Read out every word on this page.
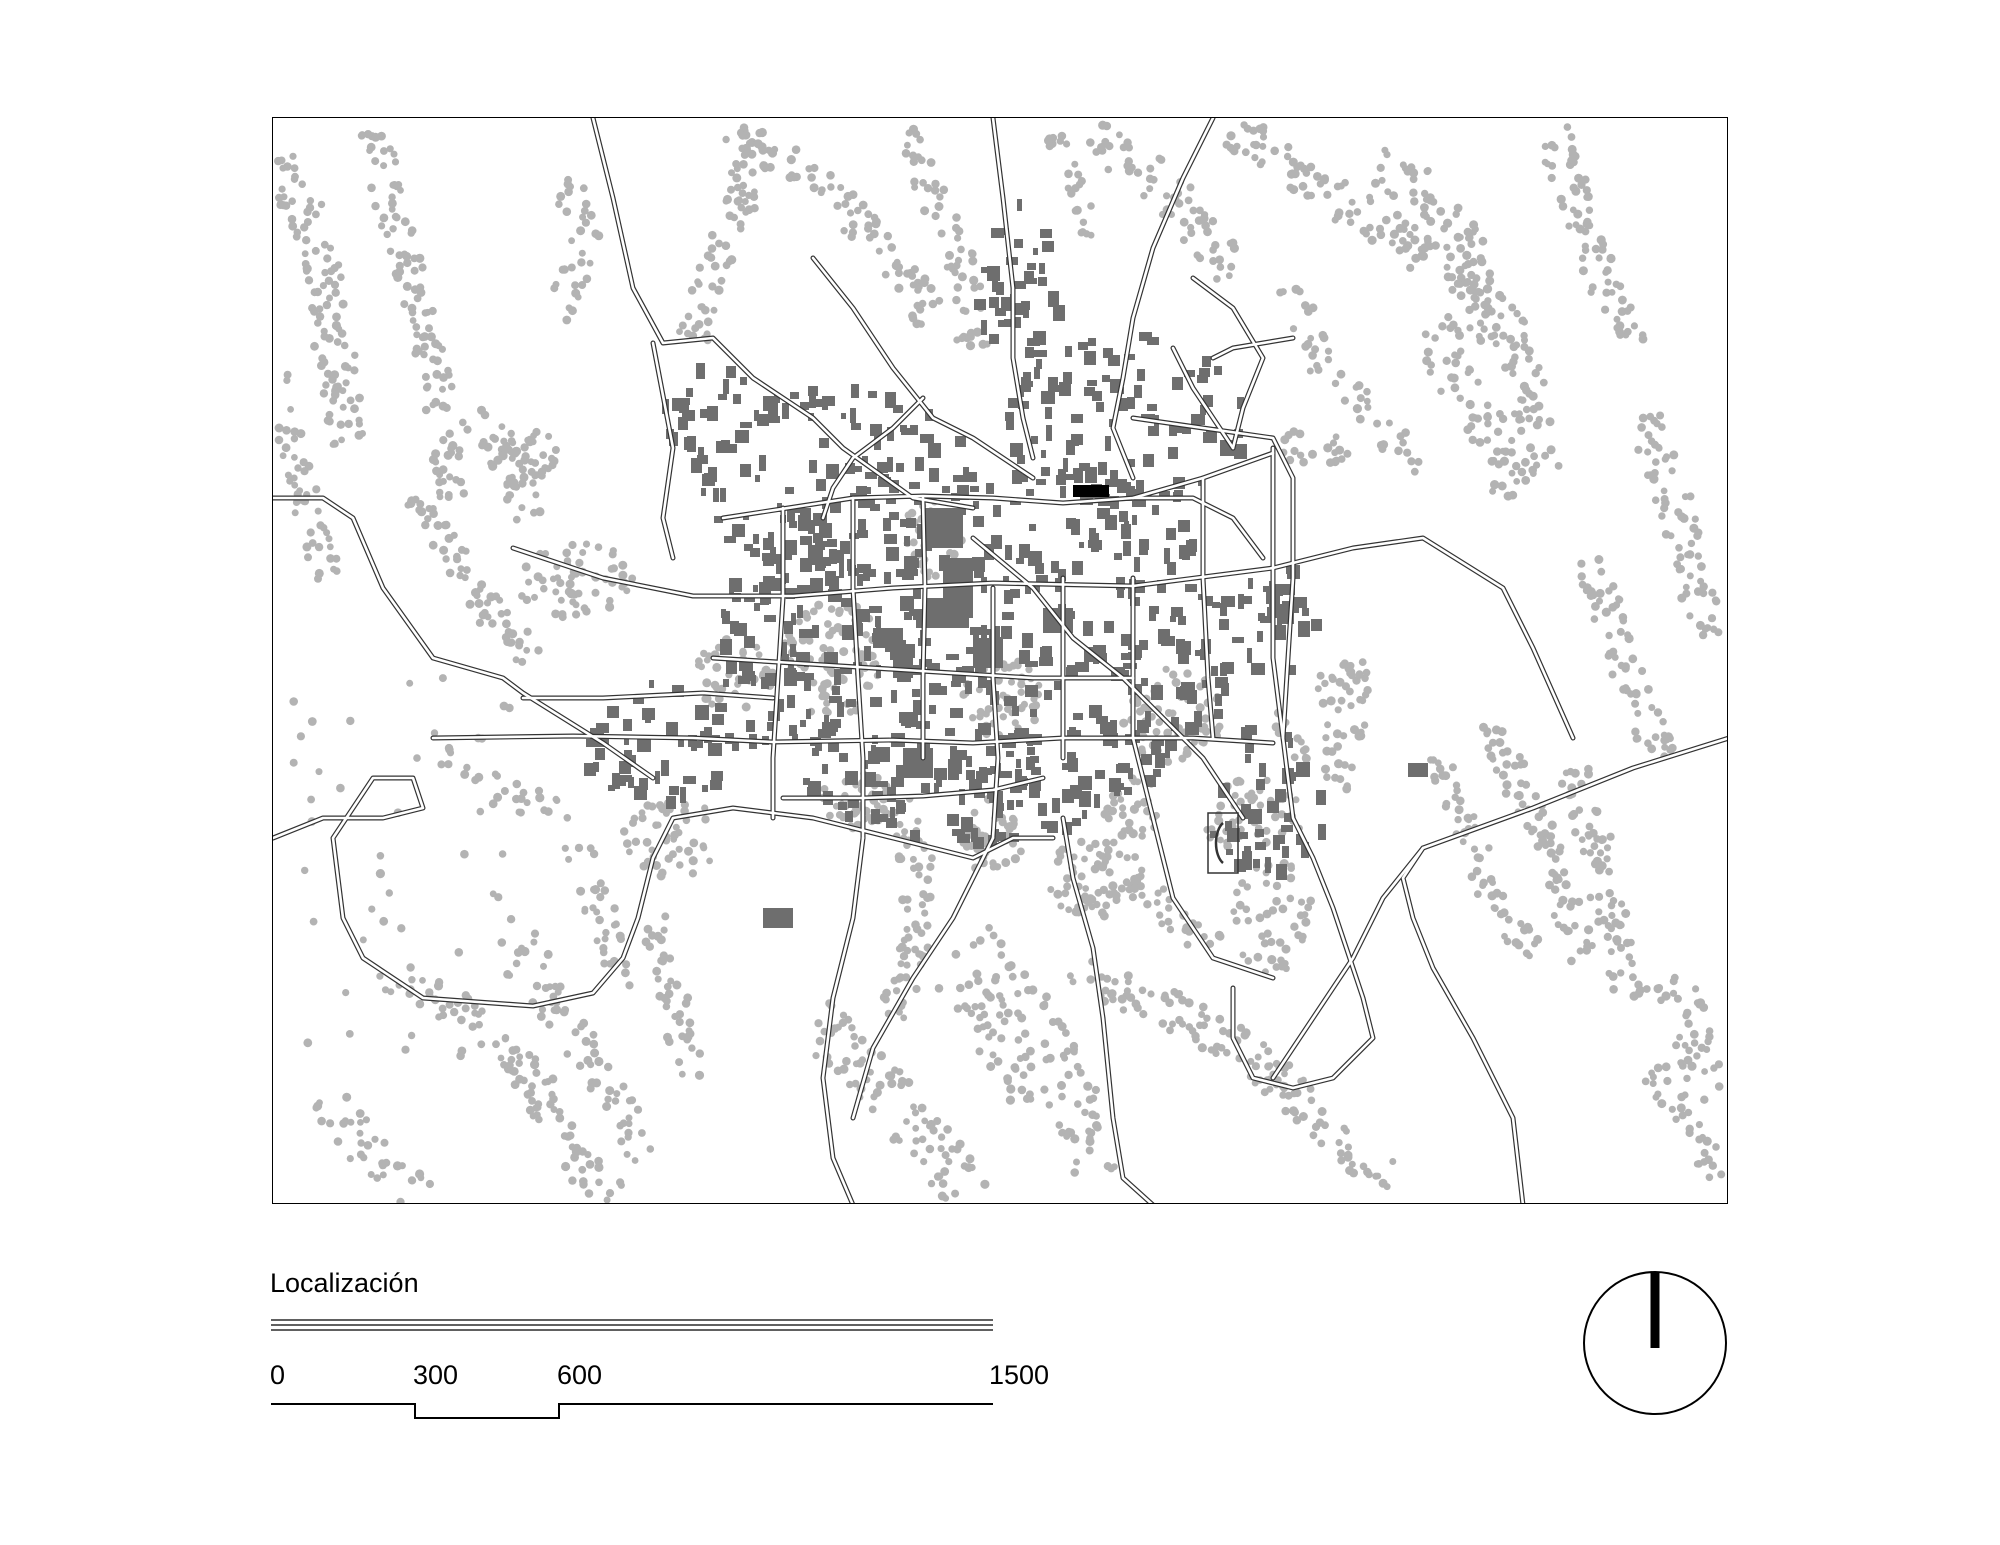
Localización
0	300	600	1500
